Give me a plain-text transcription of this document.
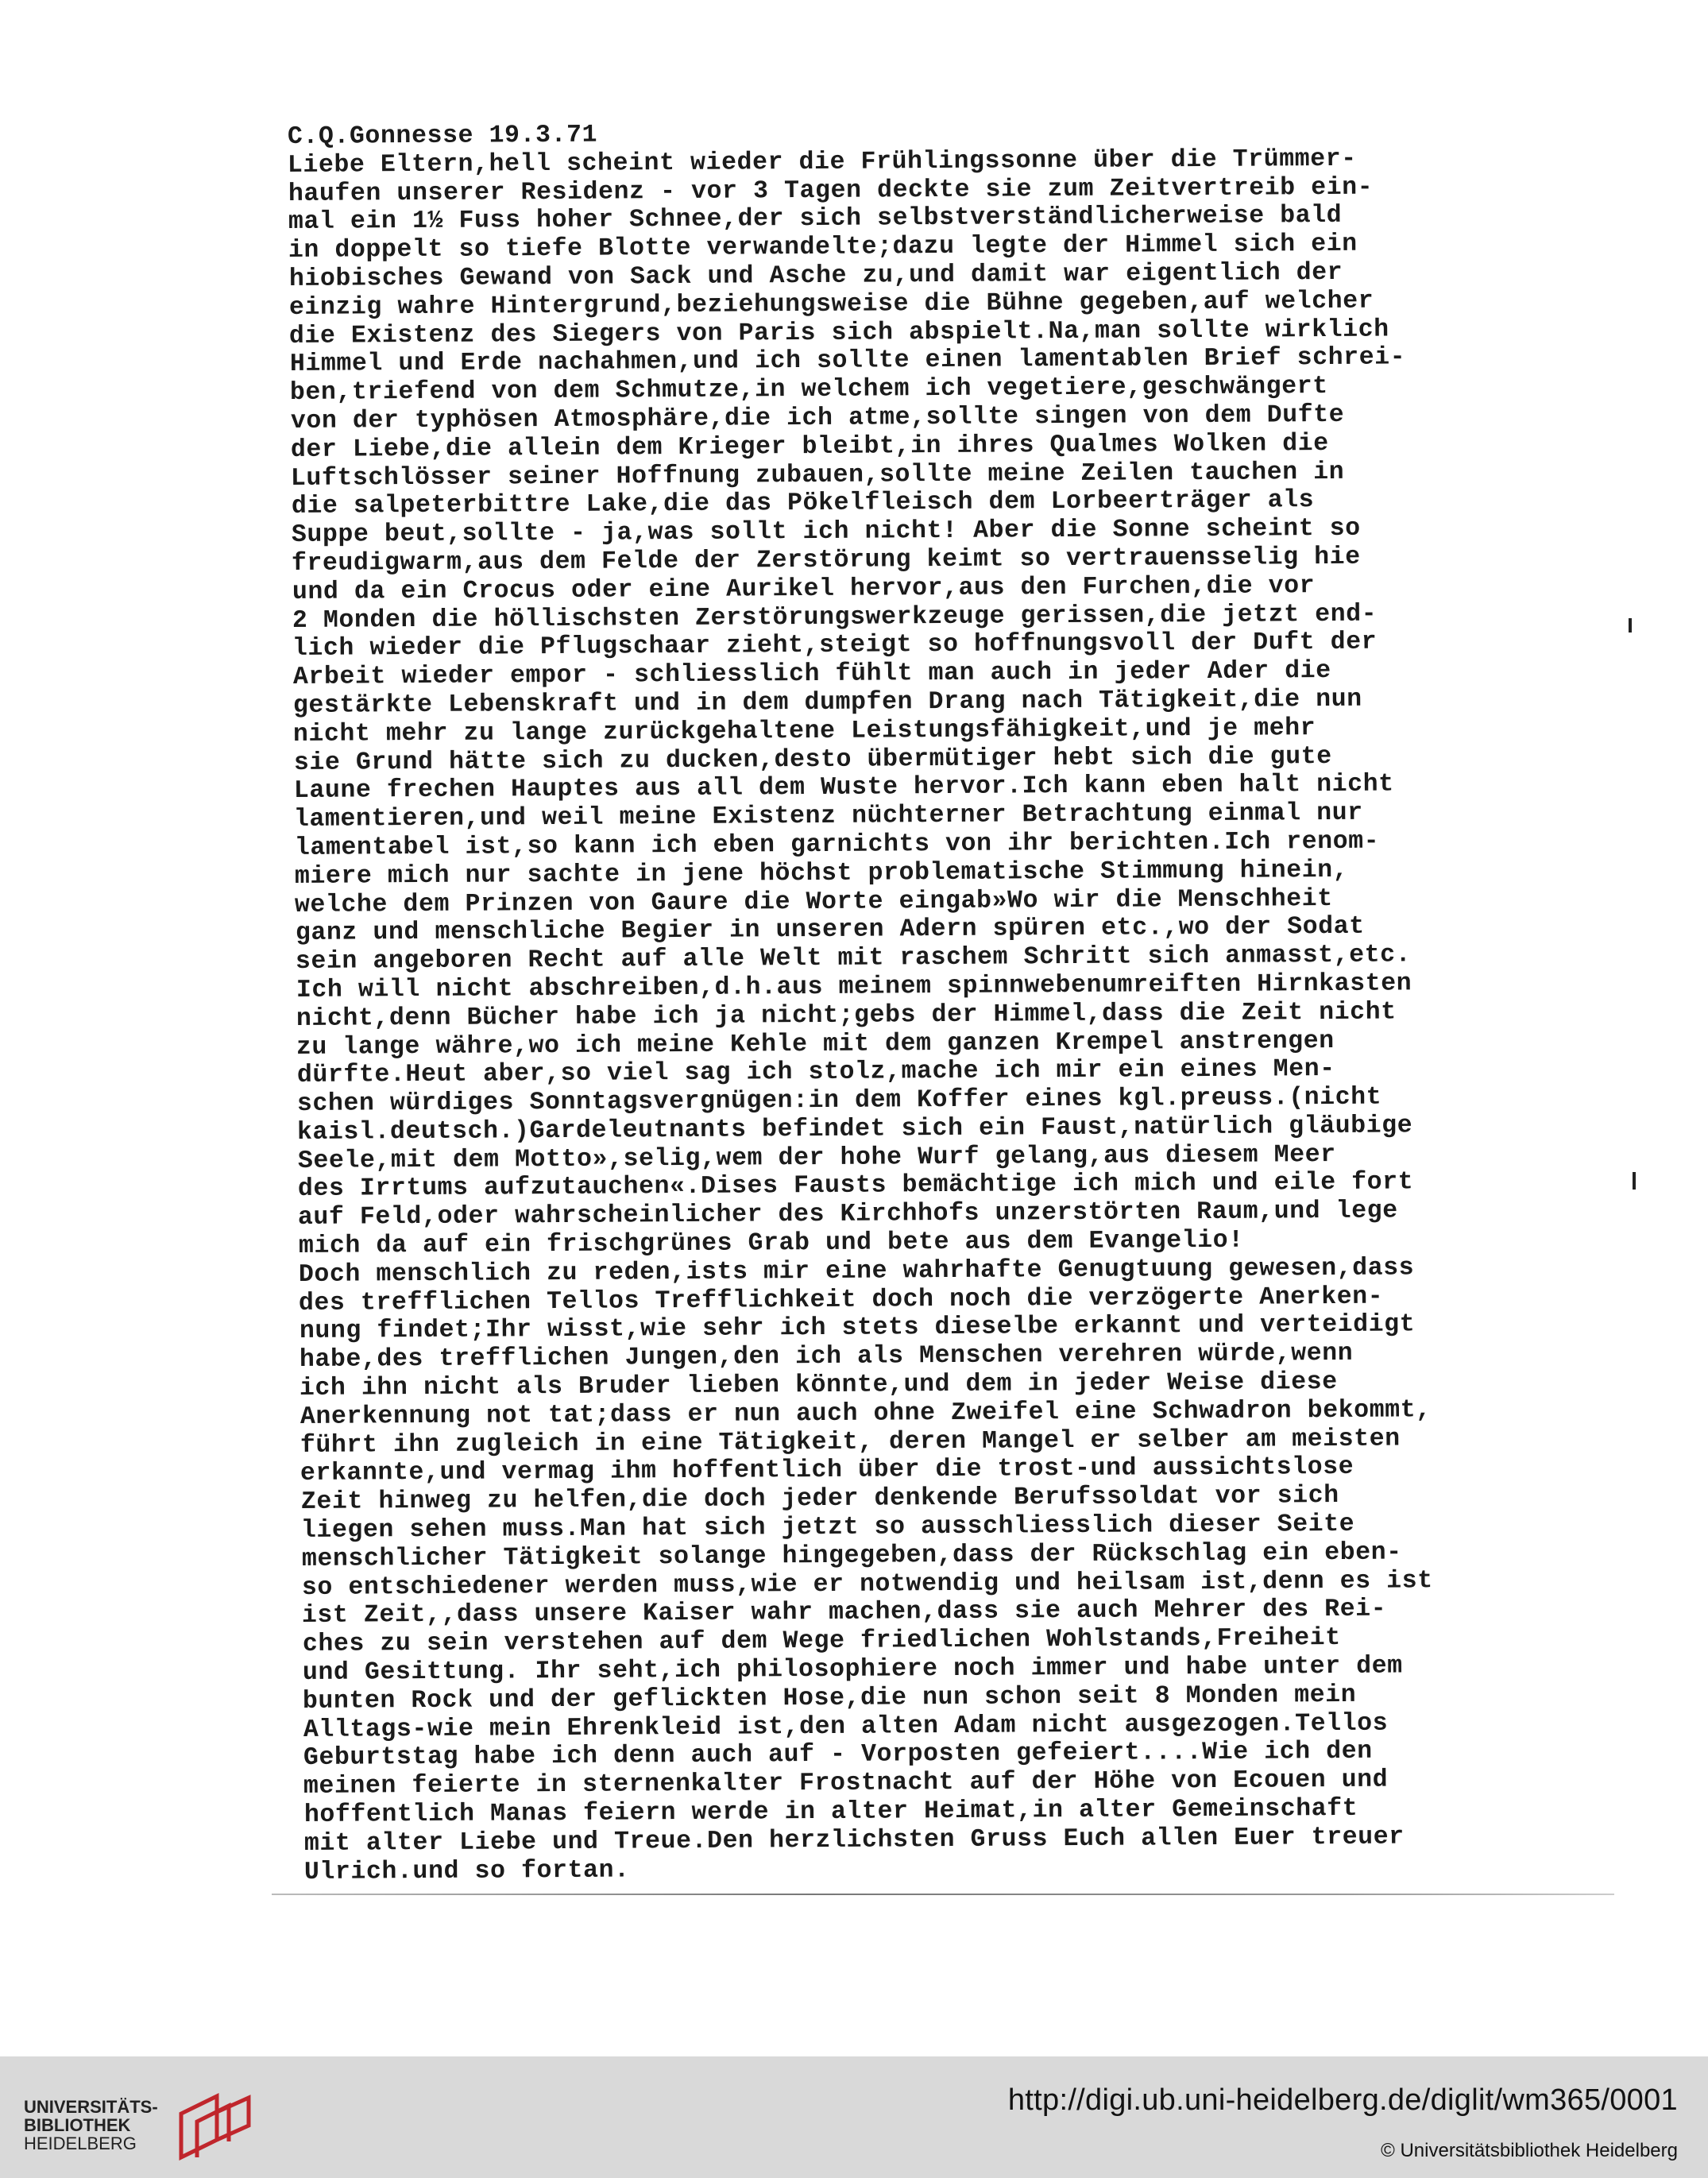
C.Q.Gonnesse 19.3.71
Liebe Eltern,hell scheint wieder die Frühlingssonne über die Trümmer-
haufen unserer Residenz - vor 3 Tagen deckte sie zum Zeitvertreib ein-
mal ein 1½ Fuss hoher Schnee,der sich selbstverständlicherweise bald
in doppelt so tiefe Blotte verwandelte;dazu legte der Himmel sich ein
hiobisches Gewand von Sack und Asche zu,und damit war eigentlich der
einzig wahre Hintergrund,beziehungsweise die Bühne gegeben,auf welcher
die Existenz des Siegers von Paris sich abspielt.Na,man sollte wirklich
Himmel und Erde nachahmen,und ich sollte einen lamentablen Brief schrei-
ben,triefend von dem Schmutze,in welchem ich vegetiere,geschwängert
von der typhösen Atmosphäre,die ich atme,sollte singen von dem Dufte
der Liebe,die allein dem Krieger bleibt,in ihres Qualmes Wolken die
Luftschlösser seiner Hoffnung zubauen,sollte meine Zeilen tauchen in
die salpeterbittre Lake,die das Pökelfleisch dem Lorbeerträger als
Suppe beut,sollte - ja,was sollt ich nicht! Aber die Sonne scheint so
freudigwarm,aus dem Felde der Zerstörung keimt so vertrauensselig hie
und da ein Crocus oder eine Aurikel hervor,aus den Furchen,die vor
2 Monden die höllischsten Zerstörungswerkzeuge gerissen,die jetzt end-
lich wieder die Pflugschaar zieht,steigt so hoffnungsvoll der Duft der
Arbeit wieder empor - schliesslich fühlt man auch in jeder Ader die
gestärkte Lebenskraft und in dem dumpfen Drang nach Tätigkeit,die nun
nicht mehr zu lange zurückgehaltene Leistungsfähigkeit,und je mehr
sie Grund hätte sich zu ducken,desto übermütiger hebt sich die gute
Laune frechen Hauptes aus all dem Wuste hervor.Ich kann eben halt nicht
lamentieren,und weil meine Existenz nüchterner Betrachtung einmal nur
lamentabel ist,so kann ich eben garnichts von ihr berichten.Ich renom-
miere mich nur sachte in jene höchst problematische Stimmung hinein,
welche dem Prinzen von Gaure die Worte eingab»Wo wir die Menschheit
ganz und menschliche Begier in unseren Adern spüren etc.,wo der Sodat
sein angeboren Recht auf alle Welt mit raschem Schritt sich anmasst,etc.
Ich will nicht abschreiben,d.h.aus meinem spinnwebenumreiften Hirnkasten
nicht,denn Bücher habe ich ja nicht;gebs der Himmel,dass die Zeit nicht
zu lange währe,wo ich meine Kehle mit dem ganzen Krempel anstrengen
dürfte.Heut aber,so viel sag ich stolz,mache ich mir ein eines Men-
schen würdiges Sonntagsvergnügen:in dem Koffer eines kgl.preuss.(nicht
kaisl.deutsch.)Gardeleutnants befindet sich ein Faust,natürlich gläubige
Seele,mit dem Motto»,selig,wem der hohe Wurf gelang,aus diesem Meer
des Irrtums aufzutauchen«.Dises Fausts bemächtige ich mich und eile fort
auf Feld,oder wahrscheinlicher des Kirchhofs unzerstörten Raum,und lege
mich da auf ein frischgrünes Grab und bete aus dem Evangelio!
Doch menschlich zu reden,ists mir eine wahrhafte Genugtuung gewesen,dass
des trefflichen Tellos Trefflichkeit doch noch die verzögerte Anerken-
nung findet;Ihr wisst,wie sehr ich stets dieselbe erkannt und verteidigt
habe,des trefflichen Jungen,den ich als Menschen verehren würde,wenn
ich ihn nicht als Bruder lieben könnte,und dem in jeder Weise diese
Anerkennung not tat;dass er nun auch ohne Zweifel eine Schwadron bekommt,
führt ihn zugleich in eine Tätigkeit, deren Mangel er selber am meisten
erkannte,und vermag ihm hoffentlich über die trost-und aussichtslose
Zeit hinweg zu helfen,die doch jeder denkende Berufssoldat vor sich
liegen sehen muss.Man hat sich jetzt so ausschliesslich dieser Seite
menschlicher Tätigkeit solange hingegeben,dass der Rückschlag ein eben-
so entschiedener werden muss,wie er notwendig und heilsam ist,denn es ist
ist Zeit,,dass unsere Kaiser wahr machen,dass sie auch Mehrer des Rei-
ches zu sein verstehen auf dem Wege friedlichen Wohlstands,Freiheit
und Gesittung. Ihr seht,ich philosophiere noch immer und habe unter dem
bunten Rock und der geflickten Hose,die nun schon seit 8 Monden mein
Alltags-wie mein Ehrenkleid ist,den alten Adam nicht ausgezogen.Tellos
Geburtstag habe ich denn auch auf - Vorposten gefeiert....Wie ich den
meinen feierte in sternenkalter Frostnacht auf der Höhe von Ecouen und
hoffentlich Manas feiern werde in alter Heimat,in alter Gemeinschaft
mit alter Liebe und Treue.Den herzlichsten Gruss Euch allen Euer treuer
Ulrich.und so fortan.
UNIVERSITÄTS-
BIBLIOTHEK
HEIDELBERG
http://digi.ub.uni-heidelberg.de/diglit/wm365/0001
© Universitätsbibliothek Heidelberg
